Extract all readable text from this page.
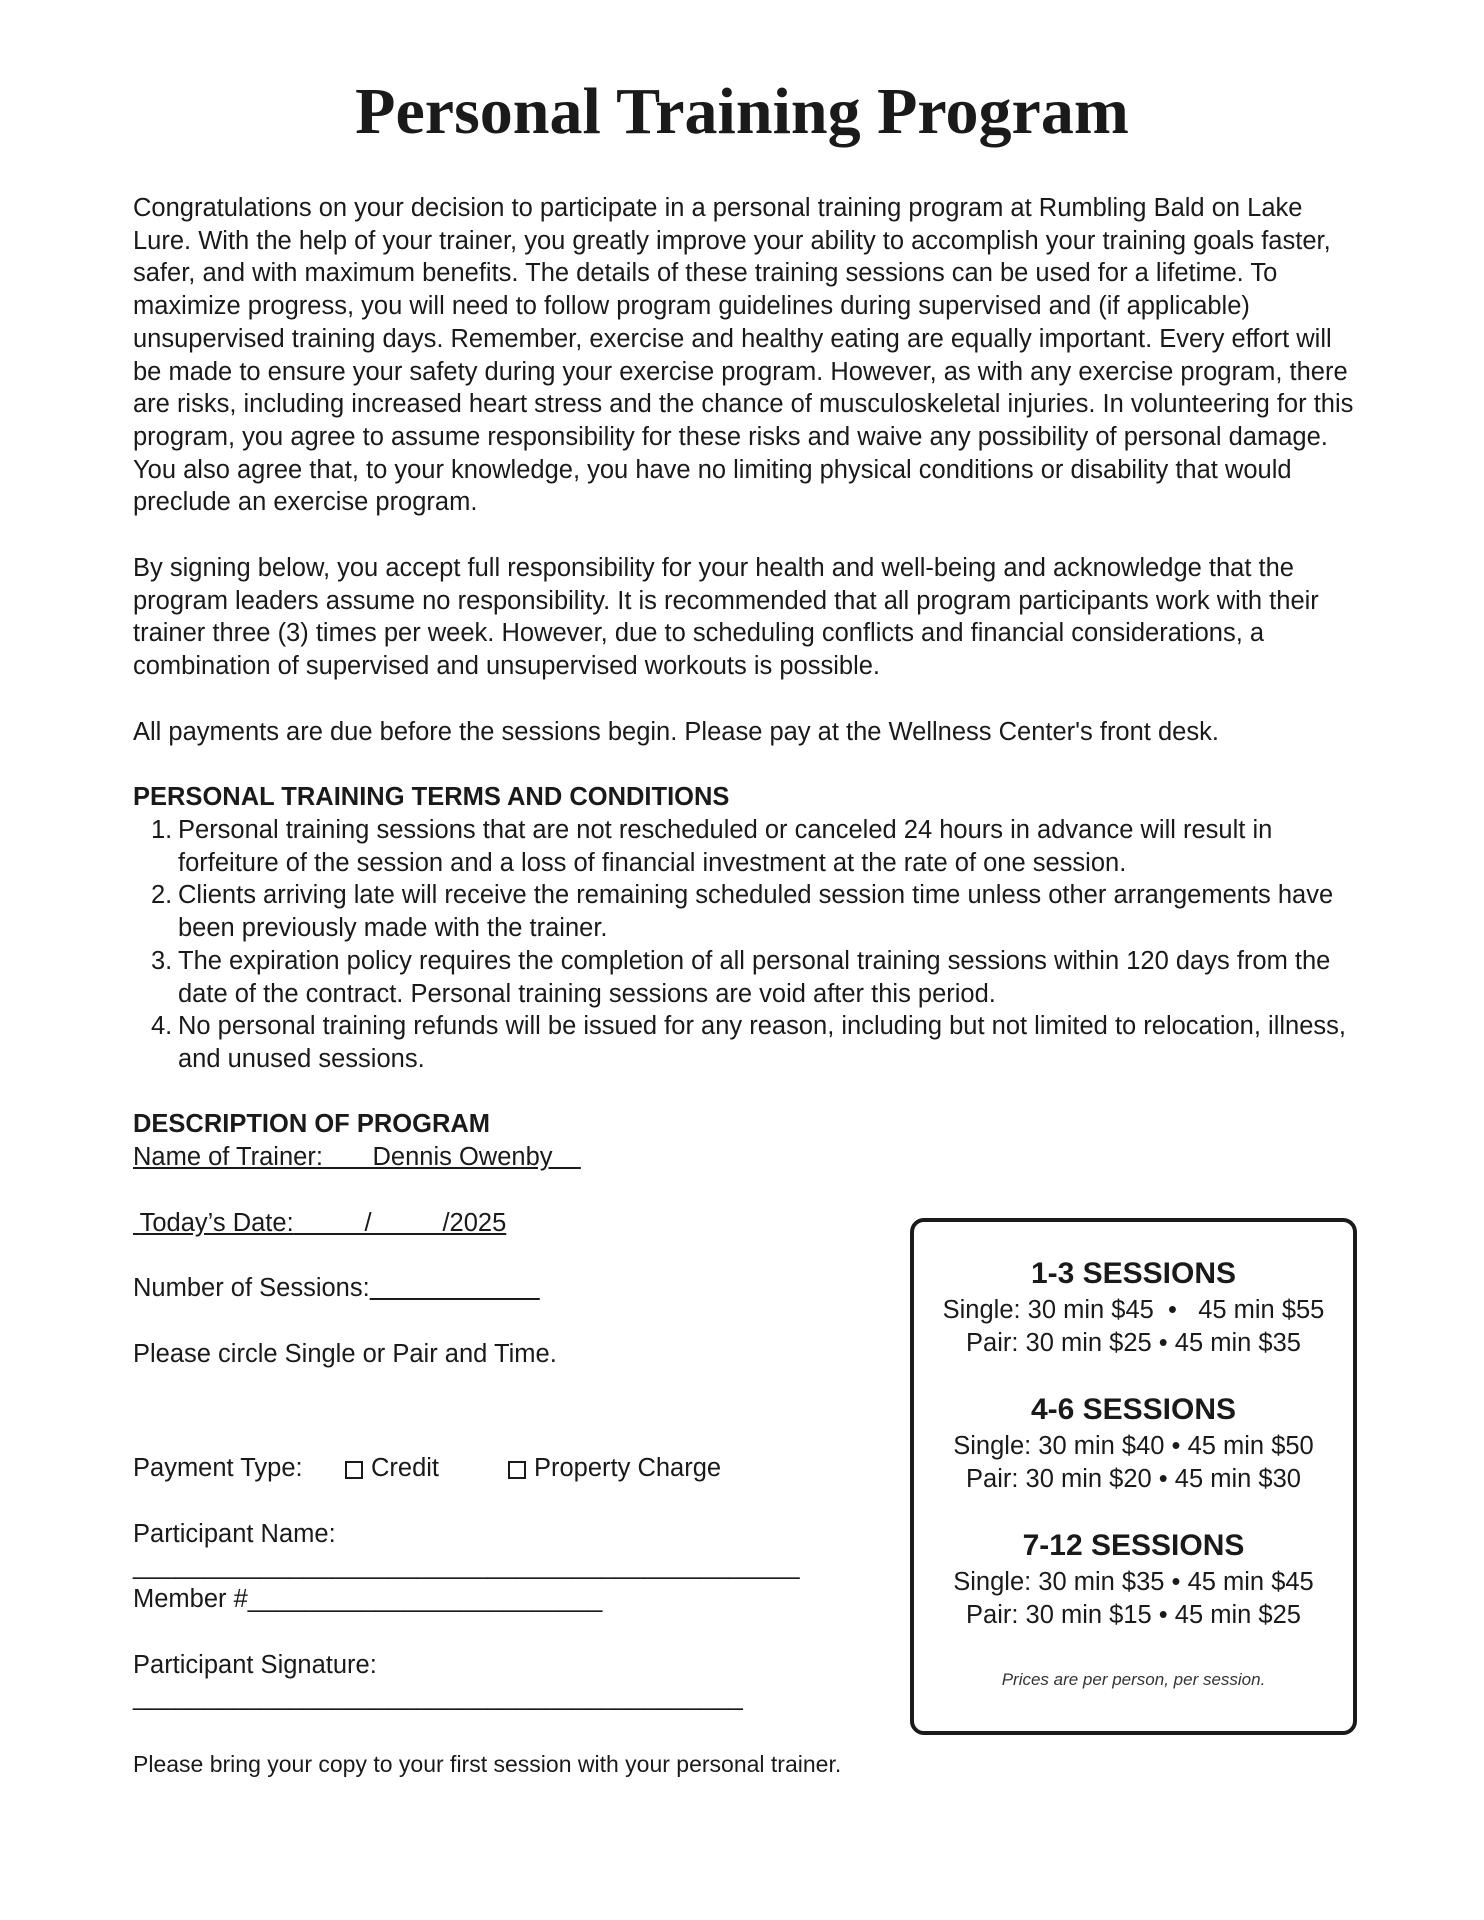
Personal Training Program

Congratulations on your decision to participate in a personal training program at Rumbling Bald on Lake Lure. With the help of your trainer, you greatly improve your ability to accomplish your training goals faster, safer, and with maximum benefits. The details of these training sessions can be used for a lifetime. To maximize progress, you will need to follow program guidelines during supervised and (if applicable) unsupervised training days. Remember, exercise and healthy eating are equally important. Every effort will be made to ensure your safety during your exercise program. However, as with any exercise program, there are risks, including increased heart stress and the chance of musculoskeletal injuries. In volunteering for this program, you agree to assume responsibility for these risks and waive any possibility of personal damage. You also agree that, to your knowledge, you have no limiting physical conditions or disability that would preclude an exercise program.

By signing below, you accept full responsibility for your health and well-being and acknowledge that the program leaders assume no responsibility. It is recommended that all program participants work with their trainer three (3) times per week. However, due to scheduling conflicts and financial considerations, a combination of supervised and unsupervised workouts is possible.

All payments are due before the sessions begin. Please pay at the Wellness Center's front desk.

PERSONAL TRAINING TERMS AND CONDITIONS

1. Personal training sessions that are not rescheduled or canceled 24 hours in advance will result in forfeiture of the session and a loss of financial investment at the rate of one session.
2. Clients arriving late will receive the remaining scheduled session time unless other arrangements have been previously made with the trainer.
3. The expiration policy requires the completion of all personal training sessions within 120 days from the date of the contract. Personal training sessions are void after this period.
4. No personal training refunds will be issued for any reason, including but not limited to relocation, illness, and unused sessions.

DESCRIPTION OF PROGRAM

Name of Trainer: Dennis Owenby

Today’s Date:          /          /2025

Number of Sessions:

Please circle Single or Pair and Time.

Payment Type:

	Credit

	Property Charge

Participant Name:

_______________________________________________

Member #_________________________

Participant Signature:

___________________________________________

Please bring your copy to your first session with your personal trainer.

1-3 SESSIONS

Single: 30 min $45  •   45 min $55

Pair: 30 min $25 • 45 min $35

4-6 SESSIONS

Single: 30 min $40 • 45 min $50

Pair: 30 min $20 • 45 min $30

7-12 SESSIONS

Single: 30 min $35 • 45 min $45

Pair: 30 min $15 • 45 min $25

Prices are per person, per session.
